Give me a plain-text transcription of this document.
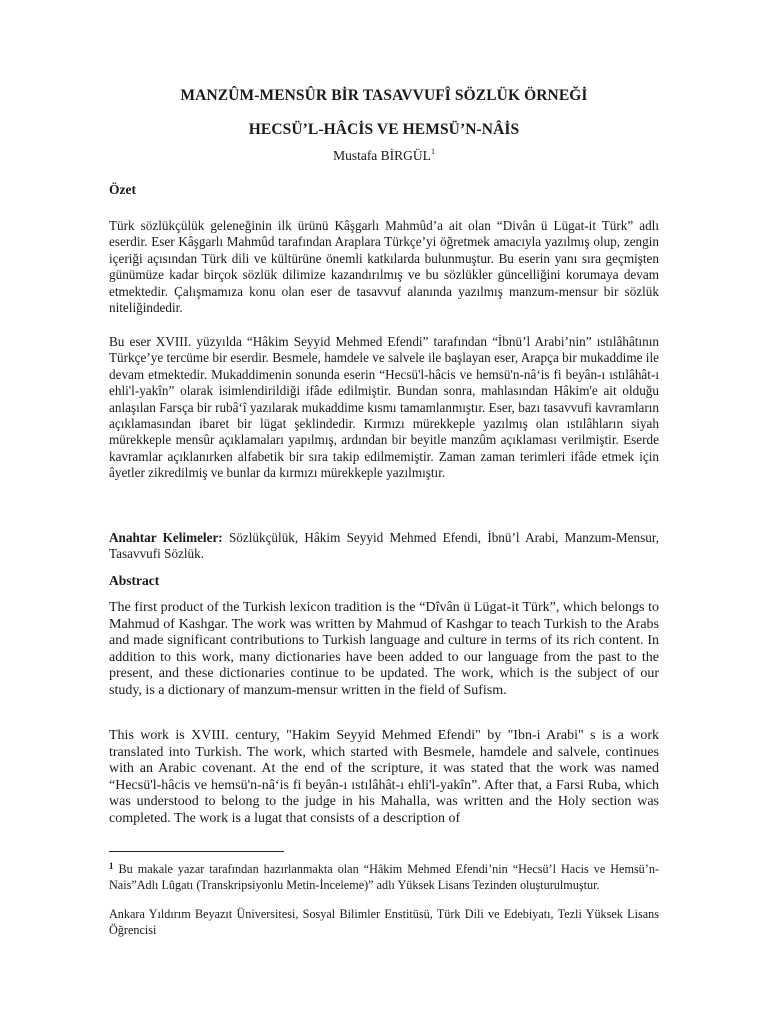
MANZÛM-MENSÛR BİR TASAVVUFÎ SÖZLÜK ÖRNEĞİ
HECSÜ’L-HÂCİS VE HEMSÜ’N-NÂİS
Mustafa BİRGÜL$^1$
Özet

Türk sözlükçülük geleneğinin ilk ürünü Kâşgarlı Mahmûd’a ait olan “Divân ü Lügat-it Türk” adlı eserdir. Eser Kâşgarlı Mahmûd tarafından Araplara Türkçe’yi öğretmek amacıyla yazılmış olup, zengin içeriği açısından Türk dili ve kültürüne önemli katkılarda bulunmuştur. Bu eserin yanı sıra geçmişten günümüze kadar birçok sözlük dilimize kazandırılmış ve bu sözlükler güncelliğini korumaya devam etmektedir. Çalışmamıza konu olan eser de tasavvuf alanında yazılmış manzum-mensur bir sözlük niteliğindedir.

Bu eser XVIII. yüzyılda “Hâkim Seyyid Mehmed Efendi” tarafından “İbnü’l Arabi’nin” ıstılâhâtının Türkçe’ye tercüme bir eserdir. Besmele, hamdele ve salvele ile başlayan eser, Arapça bir mukaddime ile devam etmektedir. Mukaddimenin sonunda eserin “Hecsü'l-hâcis ve hemsü'n-nâ‘is fi beyân-ı ıstılâhât-ı ehli'l-yakîn” olarak isimlendirildiği ifâde edilmiştir. Bundan sonra, mahlasından Hâkim'e ait olduğu anlaşılan Farsça bir rubâ‘î yazılarak mukaddime kısmı tamamlanmıştır. Eser, bazı tasavvufi kavramların açıklamasından ibaret bir lügat şeklindedir. Kırmızı mürekkeple yazılmış olan ıstılâhların siyah mürekkeple mensûr açıklamaları yapılmış, ardından bir beyitle manzûm açıklaması verilmiştir. Eserde kavramlar açıklanırken alfabetik bir sıra takip edilmemiştir. Zaman zaman terimleri ifâde etmek için âyetler zikredilmiş ve bunlar da kırmızı mürekkeple yazılmıştır.

Anahtar Kelimeler: Sözlükçülük, Hâkim Seyyid Mehmed Efendi, İbnü’l Arabi, Manzum-Mensur, Tasavvufi Sözlük.

Abstract

The first product of the Turkish lexicon tradition is the “Dîvân ü Lügat-it Türk”, which belongs to Mahmud of Kashgar. The work was written by Mahmud of Kashgar to teach Turkish to the Arabs and made significant contributions to Turkish language and culture in terms of its rich content. In addition to this work, many dictionaries have been added to our language from the past to the present, and these dictionaries continue to be updated. The work, which is the subject of our study, is a dictionary of manzum-mensur written in the field of Sufism.

This work is XVIII. century, "Hakim Seyyid Mehmed Efendi" by "Ibn-i Arabi" s is a work translated into Turkish. The work, which started with Besmele, hamdele and salvele, continues with an Arabic covenant. At the end of the scripture, it was stated that the work was named “Hecsü'l-hâcis ve hemsü'n-nâ‘is fi beyân-ı ıstılâhât-ı ehli'l-yakîn”. After that, a Farsi Ruba, which was understood to belong to the judge in his Mahalla, was written and the Holy section was completed. The work is a lugat that consists of a description of

$^1$ Bu makale yazar tarafından hazırlanmakta olan “Hâkim Mehmed Efendi’nin “Hecsü’l Hacis ve Hemsü’n-Nais”Adlı Lûgatı (Transkripsiyonlu Metin-İnceleme)” adlı Yüksek Lisans Tezinden oluşturulmuştur.

Ankara Yıldırım Beyazıt Üniversitesi, Sosyal Bilimler Enstitüsü, Türk Dili ve Edebiyatı, Tezli Yüksek Lisans Öğrencisi
